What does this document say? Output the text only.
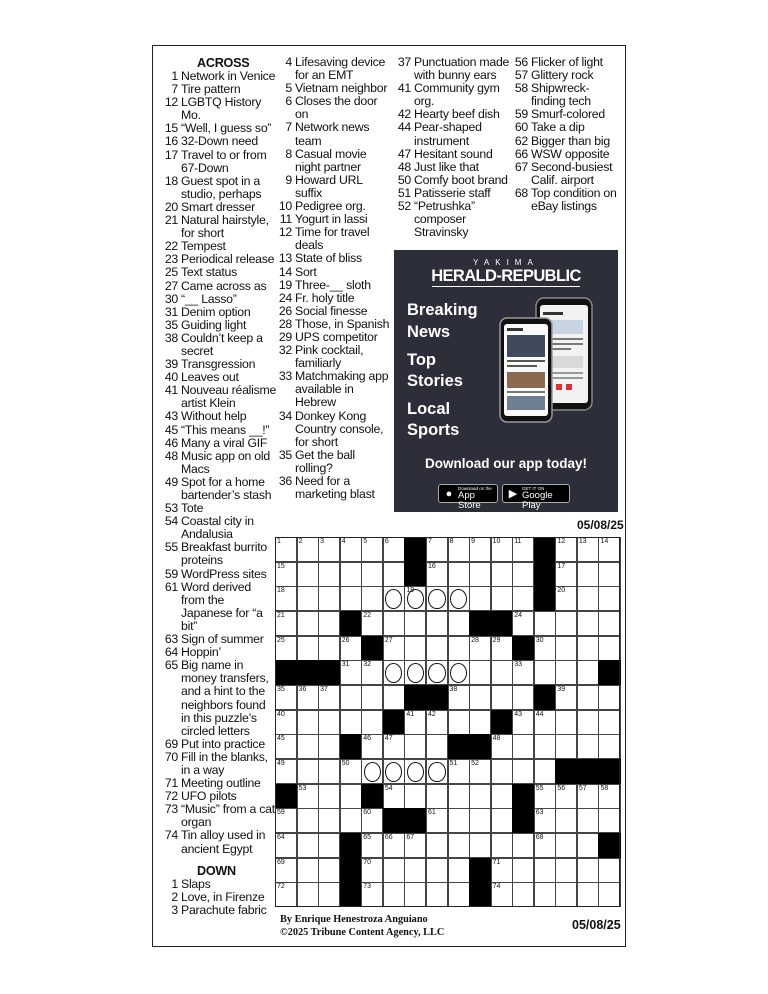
ACROSS
1 Network in Venice
7 Tire pattern
12 LGBTQ History Mo.
15 “Well, I guess so”
16 32-Down need
17 Travel to or from 67-Down
18 Guest spot in a studio, perhaps
20 Smart dresser
21 Natural hairstyle, for short
22 Tempest
23 Periodical release
25 Text status
27 Came across as
30 “__ Lasso”
31 Denim option
35 Guiding light
38 Couldn’t keep a secret
39 Transgression
40 Leaves out
41 Nouveau réalisme artist Klein
43 Without help
45 “This means __!”
46 Many a viral GIF
48 Music app on old Macs
49 Spot for a home bartender’s stash
53 Tote
54 Coastal city in Andalusia
55 Breakfast burrito proteins
59 WordPress sites
61 Word derived from the Japanese for “a bit”
63 Sign of summer
64 Hoppin’
65 Big name in money transfers, and a hint to the neighbors found in this puzzle’s circled letters
69 Put into practice
70 Fill in the blanks, in a way
71 Meeting outline
72 UFO pilots
73 “Music” from a cat organ
74 Tin alloy used in ancient Egypt
DOWN
1 Slaps
2 Love, in Firenze
3 Parachute fabric
4 Lifesaving device for an EMT
5 Vietnam neighbor
6 Closes the door on
7 Network news team
8 Casual movie night partner
9 Howard URL suffix
10 Pedigree org.
11 Yogurt in lassi
12 Time for travel deals
13 State of bliss
14 Sort
19 Three-__ sloth
24 Fr. holy title
26 Social finesse
28 Those, in Spanish
29 UPS competitor
32 Pink cocktail, familiarly
33 Matchmaking app available in Hebrew
34 Donkey Kong Country console, for short
35 Get the ball rolling?
36 Need for a marketing blast
37 Punctuation made with bunny ears
41 Community gym org.
42 Hearty beef dish
44 Pear-shaped instrument
47 Hesitant sound
48 Just like that
50 Comfy boot brand
51 Patisserie staff
52 “Petrushka” composer Stravinsky
56 Flicker of light
57 Glittery rock
58 Shipwreck-finding tech
59 Smurf-colored
60 Take a dip
62 Bigger than big
66 WSW opposite
67 Second-busiest Calif. airport
68 Top condition on eBay listings
YAKIMA
HERALD-REPUBLIC
Breaking
News
Top
Stories
Local
Sports
Download our app today!
●	Download on the
App Store
▶	GET IT ON
Google Play
05/08/25
1	2	3	4	5	6	7	8	9	10 11	12 13 14
15	16	17
18	19	20
21	22	24
25	26	27	28 29	30
31 32	33
35 36 37	38	39
40	41 42	43 44
45	46 47	48
49	50	51 52
53	54	55 56 57 58
59	60	61	63
64	65 66 67	68
69	70	71
72	73	74
By Enrique Henestroza Anguiano
©2025 Tribune Content Agency, LLC
05/08/25
